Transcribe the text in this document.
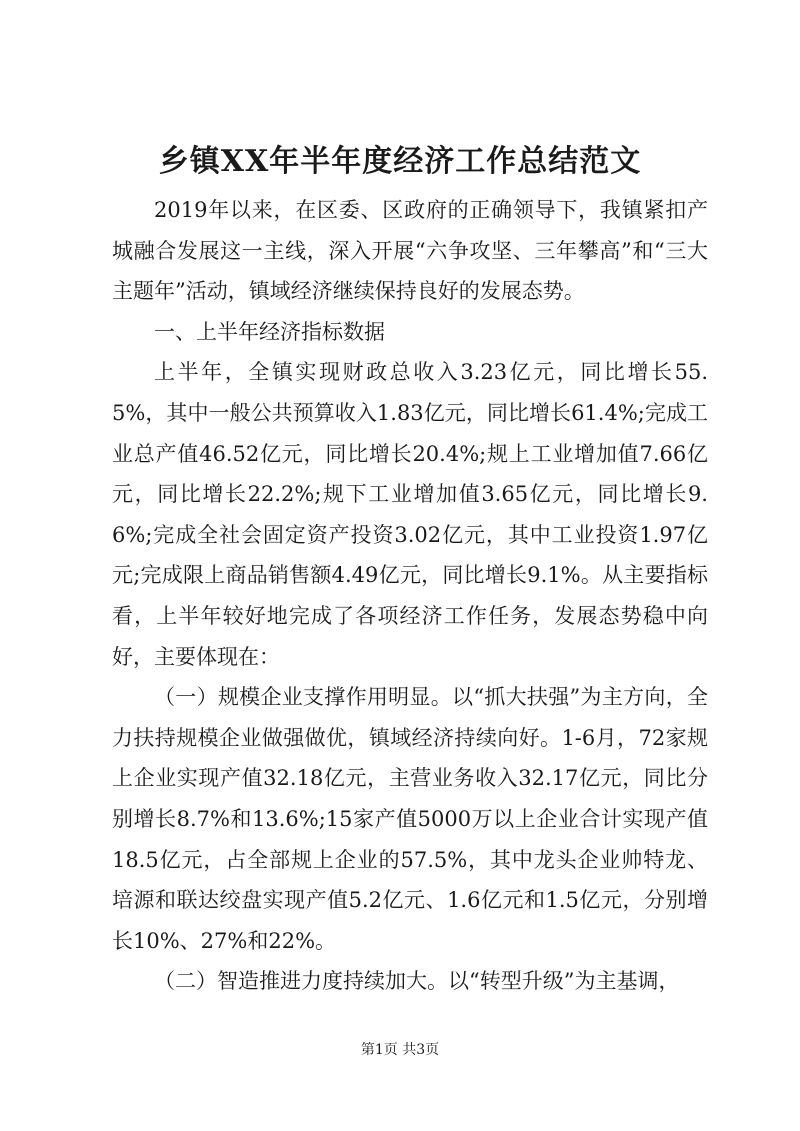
乡镇XX年半年度经济工作总结范文

2019年以来，在区委、区政府的正确领导下，我镇紧扣产城融合发展这一主线，深入开展“六争攻坚、三年攀高”和“三大主题年”活动，镇域经济继续保持良好的发展态势。

一、上半年经济指标数据

上半年，全镇实现财政总收入3.23亿元，同比增长55.5%，其中一般公共预算收入1.83亿元，同比增长61.4%;完成工业总产值46.52亿元，同比增长20.4%;规上工业增加值7.66亿元，同比增长22.2%;规下工业增加值3.65亿元，同比增长9.6%;完成全社会固定资产投资3.02亿元，其中工业投资1.97亿元;完成限上商品销售额4.49亿元，同比增长9.1%。从主要指标看，上半年较好地完成了各项经济工作任务，发展态势稳中向好，主要体现在：

（一）规模企业支撑作用明显。以“抓大扶强”为主方向，全力扶持规模企业做强做优，镇域经济持续向好。1-6月，72家规上企业实现产值32.18亿元，主营业务收入32.17亿元，同比分别增长8.7%和13.6%;15家产值5000万以上企业合计实现产值18.5亿元，占全部规上企业的57.5%，其中龙头企业帅特龙、培源和联达绞盘实现产值5.2亿元、1.6亿元和1.5亿元，分别增长10%、27%和22%。

（二）智造推进力度持续加大。以“转型升级”为主基调，

第1页 共3页
